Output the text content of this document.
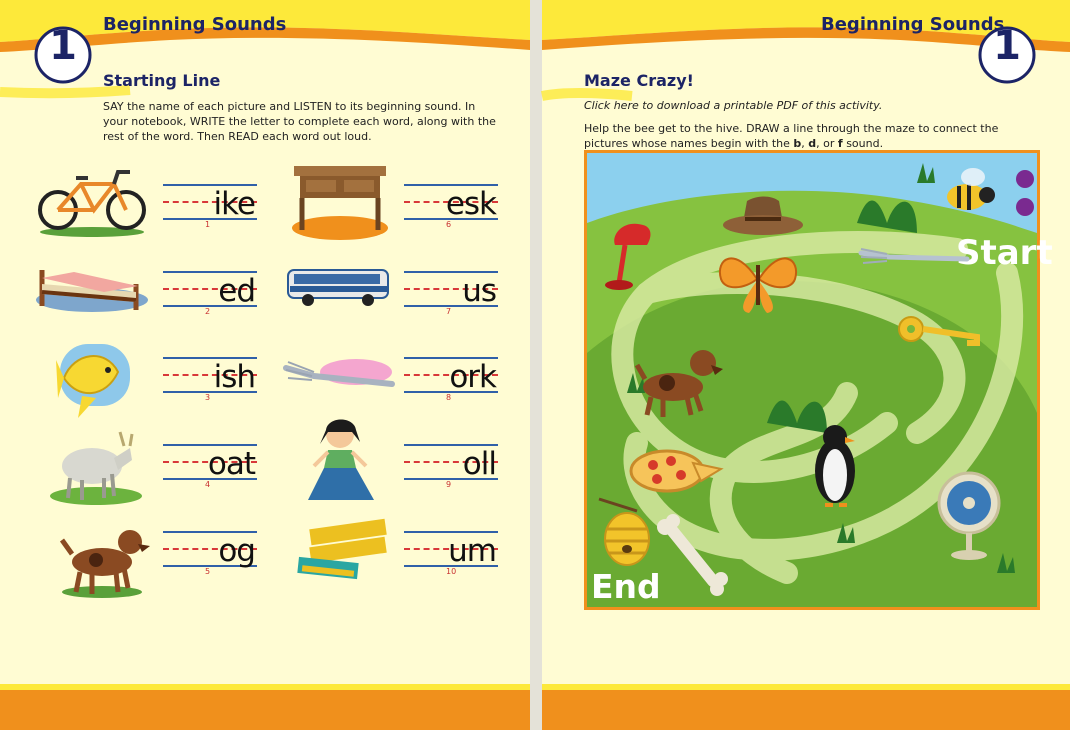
1	Beginning Sounds
Starting Line
SAY the name of each picture and LISTEN to its beginning sound. In your notebook, WRITE the letter to complete each word, along with the rest of the word. Then READ each word out loud.
ike
1
ed
2
ish
3
oat
4
og
5
esk
6
us
7
ork
8
oll
9
um
10
1
Beginning Sounds
Maze Crazy!
Click here to download a printable PDF of this activity.
Help the bee get to the hive. DRAW a line through the maze to connect the pictures whose names begin with the b, d, or f sound.
Start
End
